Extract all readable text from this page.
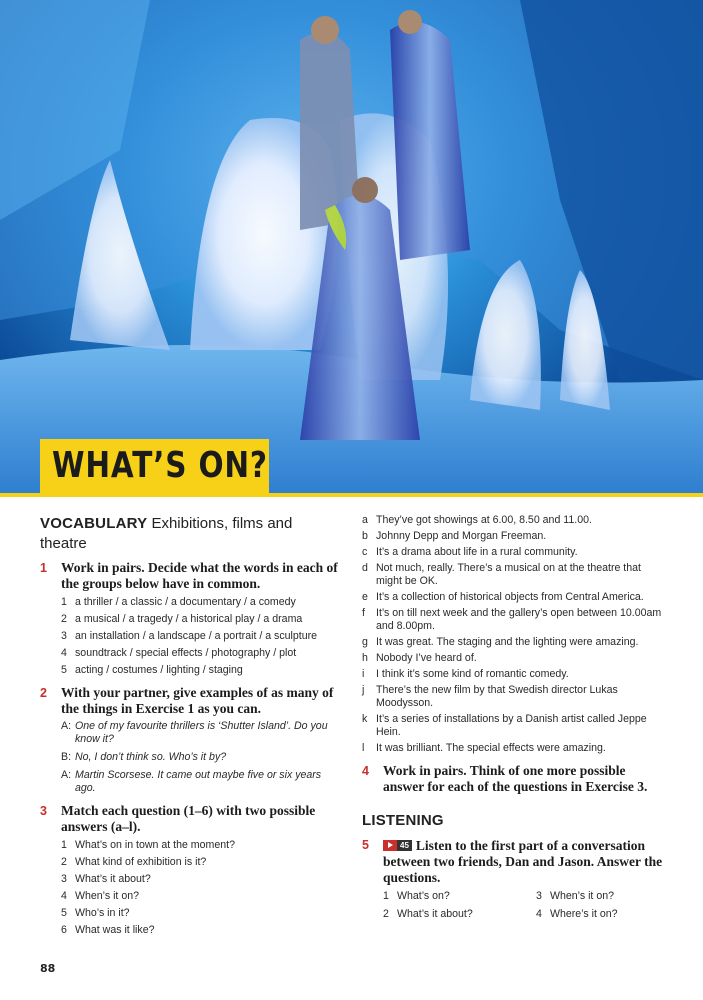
WHAT’S ON?
VOCABULARY Exhibitions, films and theatre
1 Work in pairs. Decide what the words in each of the groups below have in common.
1 a thriller / a classic / a documentary / a comedy
2 a musical / a tragedy / a historical play / a drama
3 an installation / a landscape / a portrait / a sculpture
4 soundtrack / special effects / photography / plot
5 acting / costumes / lighting / staging
2 With your partner, give examples of as many of the things in Exercise 1 as you can.
A: One of my favourite thrillers is ‘Shutter Island’. Do you know it?
B: No, I don’t think so. Who’s it by?
A: Martin Scorsese. It came out maybe five or six years ago.
3 Match each question (1–6) with two possible answers (a–l).
1 What’s on in town at the moment?
2 What kind of exhibition is it?
3 What’s it about?
4 When’s it on?
5 Who’s in it?
6 What was it like?
a They’ve got showings at 6.00, 8.50 and 11.00.
b Johnny Depp and Morgan Freeman.
c It’s a drama about life in a rural community.
d Not much, really. There’s a musical on at the theatre that might be OK.
e It’s a collection of historical objects from Central America.
f It’s on till next week and the gallery’s open between 10.00am and 8.00pm.
g It was great. The staging and the lighting were amazing.
h Nobody I’ve heard of.
i I think it’s some kind of romantic comedy.
j There’s the new film by that Swedish director Lukas Moodysson.
k It’s a series of installations by a Danish artist called Jeppe Hein.
l It was brilliant. The special effects were amazing.
4 Work in pairs. Think of one more possible answer for each of the questions in Exercise 3.
LISTENING
5	45 Listen to the first part of a conversation between two friends, Dan and Jason. Answer the questions.
1 What’s on?	3 When’s it on?
2 What’s it about?	4 Where’s it on?
88
